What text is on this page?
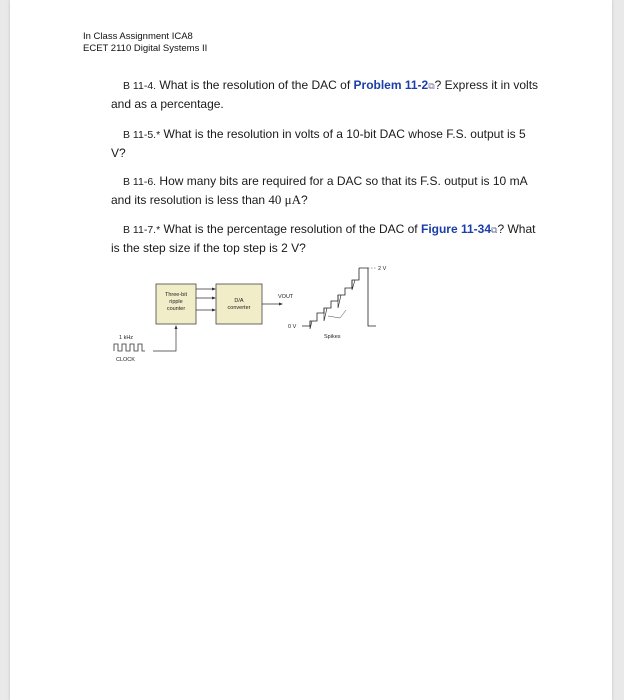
In Class Assignment ICA8
ECET 2110 Digital Systems II
B 11-4. What is the resolution of the DAC of Problem 11-2⧉? Express it in volts and as a percentage.
B 11-5.* What is the resolution in volts of a 10-bit DAC whose F.S. output is 5 V?
B 11-6. How many bits are required for a DAC so that its F.S. output is 10 mA and its resolution is less than 40 μA?
B 11-7.* What is the percentage resolution of the DAC of Figure 11-34⧉? What is the step size if the top step is 2 V?
Three-bit
ripple
counter
D/A
converter
VOUT
1 kHz
CLOCK
2 V
0 V
Spikes
